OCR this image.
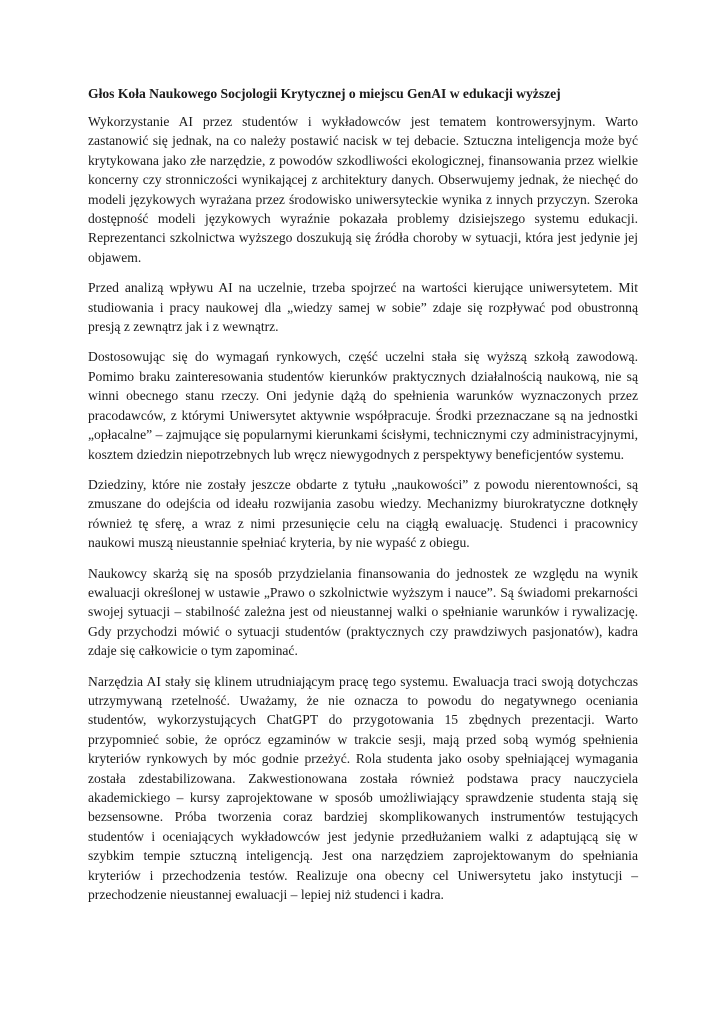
Głos Koła Naukowego Socjologii Krytycznej o miejscu GenAI w edukacji wyższej

Wykorzystanie AI przez studentów i wykładowców jest tematem kontrowersyjnym. Warto zastanowić się jednak, na co należy postawić nacisk w tej debacie. Sztuczna inteligencja może być krytykowana jako złe narzędzie, z powodów szkodliwości ekologicznej, finansowania przez wielkie koncerny czy stronniczości wynikającej z architektury danych. Obserwujemy jednak, że niechęć do modeli językowych wyrażana przez środowisko uniwersyteckie wynika z innych przyczyn. Szeroka dostępność modeli językowych wyraźnie pokazała problemy dzisiejszego systemu edukacji. Reprezentanci szkolnictwa wyższego doszukują się źródła choroby w sytuacji, która jest jedynie jej objawem.

Przed analizą wpływu AI na uczelnie, trzeba spojrzeć na wartości kierujące uniwersytetem. Mit studiowania i pracy naukowej dla „wiedzy samej w sobie” zdaje się rozpływać pod obustronną presją z zewnątrz jak i z wewnątrz.

Dostosowując się do wymagań rynkowych, część uczelni stała się wyższą szkołą zawodową. Pomimo braku zainteresowania studentów kierunków praktycznych działalnością naukową, nie są winni obecnego stanu rzeczy. Oni jedynie dążą do spełnienia warunków wyznaczonych przez pracodawców, z którymi Uniwersytet aktywnie współpracuje. Środki przeznaczane są na jednostki „opłacalne” – zajmujące się popularnymi kierunkami ścisłymi, technicznymi czy administracyjnymi, kosztem dziedzin niepotrzebnych lub wręcz niewygodnych z perspektywy beneficjentów systemu.

Dziedziny, które nie zostały jeszcze obdarte z tytułu „naukowości” z powodu nierentowności, są zmuszane do odejścia od ideału rozwijania zasobu wiedzy. Mechanizmy biurokratyczne dotknęły również tę sferę, a wraz z nimi przesunięcie celu na ciągłą ewaluację. Studenci i pracownicy naukowi muszą nieustannie spełniać kryteria, by nie wypaść z obiegu.

Naukowcy skarżą się na sposób przydzielania finansowania do jednostek ze względu na wynik ewaluacji określonej w ustawie „Prawo o szkolnictwie wyższym i nauce”. Są świadomi prekarności swojej sytuacji – stabilność zależna jest od nieustannej walki o spełnianie warunków i rywalizację. Gdy przychodzi mówić o sytuacji studentów (praktycznych czy prawdziwych pasjonatów), kadra zdaje się całkowicie o tym zapominać.

Narzędzia AI stały się klinem utrudniającym pracę tego systemu. Ewaluacja traci swoją dotychczas utrzymywaną rzetelność. Uważamy, że nie oznacza to powodu do negatywnego oceniania studentów, wykorzystujących ChatGPT do przygotowania 15 zbędnych prezentacji. Warto przypomnieć sobie, że oprócz egzaminów w trakcie sesji, mają przed sobą wymóg spełnienia kryteriów rynkowych by móc godnie przeżyć. Rola studenta jako osoby spełniającej wymagania została zdestabilizowana. Zakwestionowana została również podstawa pracy nauczyciela akademickiego – kursy zaprojektowane w sposób umożliwiający sprawdzenie studenta stają się bezsensowne. Próba tworzenia coraz bardziej skomplikowanych instrumentów testujących studentów i oceniających wykładowców jest jedynie przedłużaniem walki z adaptującą się w szybkim tempie sztuczną inteligencją. Jest ona narzędziem zaprojektowanym do spełniania kryteriów i przechodzenia testów. Realizuje ona obecny cel Uniwersytetu jako instytucji – przechodzenie nieustannej ewaluacji – lepiej niż studenci i kadra.
